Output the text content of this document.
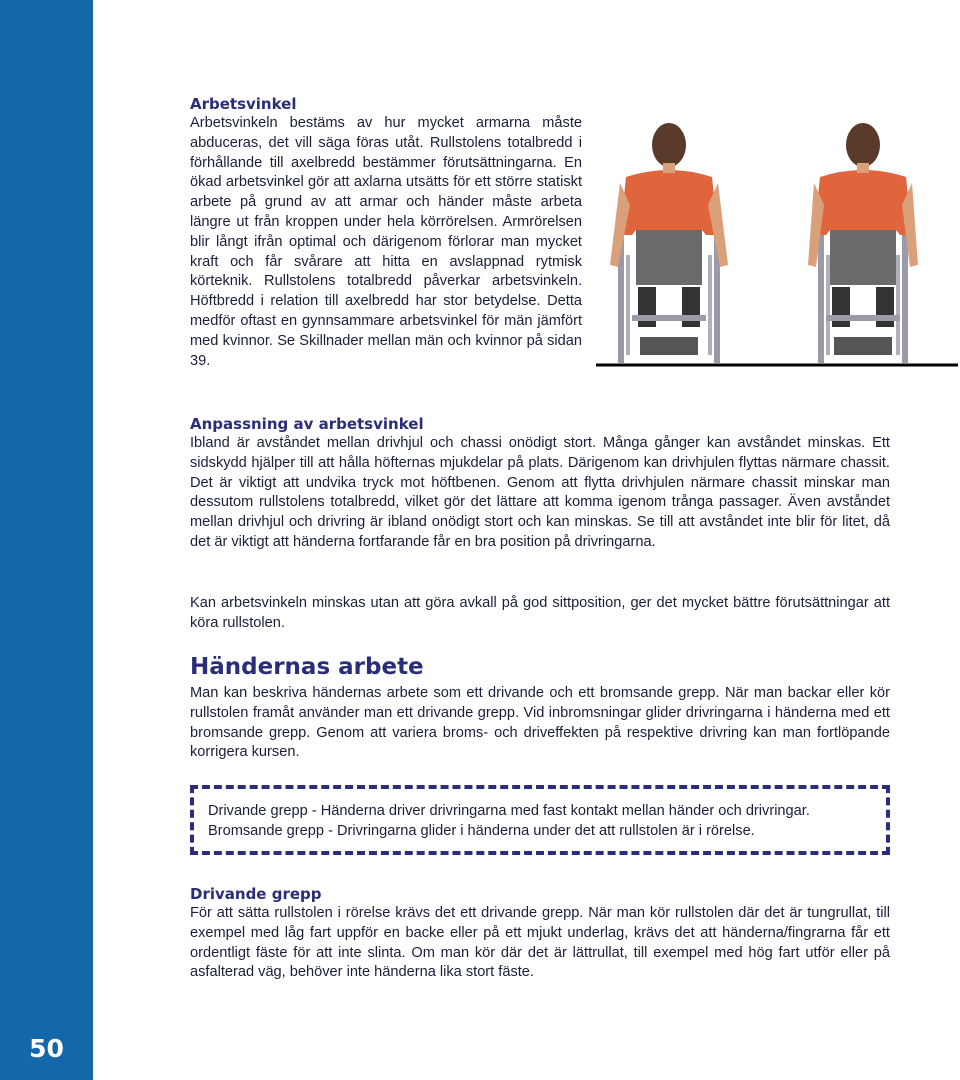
50
Arbetsvinkel

Arbetsvinkeln bestäms av hur mycket armarna måste abduceras, det vill säga föras utåt. Rullstolens totalbredd i förhållande till axelbredd bestämmer förutsättningarna. En ökad arbetsvinkel gör att axlarna utsätts för ett större statiskt arbete på grund av att armar och händer måste arbeta längre ut från kroppen under hela körrörelsen. Armrörelsen blir långt ifrån optimal och därigenom förlorar man mycket kraft och får svårare att hitta en avslappnad rytmisk körteknik. Rullstolens totalbredd påverkar arbetsvinkeln. Höftbredd i relation till axelbredd har stor betydelse. Detta medför oftast en gynnsammare arbetsvinkel för män jämfört med kvinnor. Se Skillnader mellan män och kvinnor på sidan 39.

Anpassning av arbetsvinkel

Ibland är avståndet mellan drivhjul och chassi onödigt stort. Många gånger kan avståndet minskas. Ett sidskydd hjälper till att hålla höfternas mjukdelar på plats. Därigenom kan drivhjulen flyttas närmare chassit. Det är viktigt att undvika tryck mot höftbenen. Genom att flytta drivhjulen närmare chassit minskar man dessutom rullstolens totalbredd, vilket gör det lättare att komma igenom trånga passager. Även avståndet mellan drivhjul och drivring är ibland onödigt stort och kan minskas. Se till att avståndet inte blir för litet, då det är viktigt att händerna fortfarande får en bra position på drivringarna.

Kan arbetsvinkeln minskas utan att göra avkall på god sittposition, ger det mycket bättre förutsättningar att köra rullstolen.

Händernas arbete

Man kan beskriva händernas arbete som ett drivande och ett bromsande grepp. När man backar eller kör rullstolen framåt använder man ett drivande grepp. Vid inbromsningar glider drivringarna i händerna med ett bromsande grepp. Genom att variera broms- och driveffekten på respektive drivring kan man fortlöpande korrigera kursen.

Drivande grepp - Händerna driver drivringarna med fast kontakt mellan händer och drivringar.

Bromsande grepp - Drivringarna glider i händerna under det att rullstolen är i rörelse.

Drivande grepp

För att sätta rullstolen i rörelse krävs det ett drivande grepp. När man kör rullstolen där det är tungrullat, till exempel med låg fart uppför en backe eller på ett mjukt underlag, krävs det att händerna/fingrarna får ett ordentligt fäste för att inte slinta. Om man kör där det är lättrullat, till exempel med hög fart utför eller på asfalterad väg, behöver inte händerna lika stort fäste.
